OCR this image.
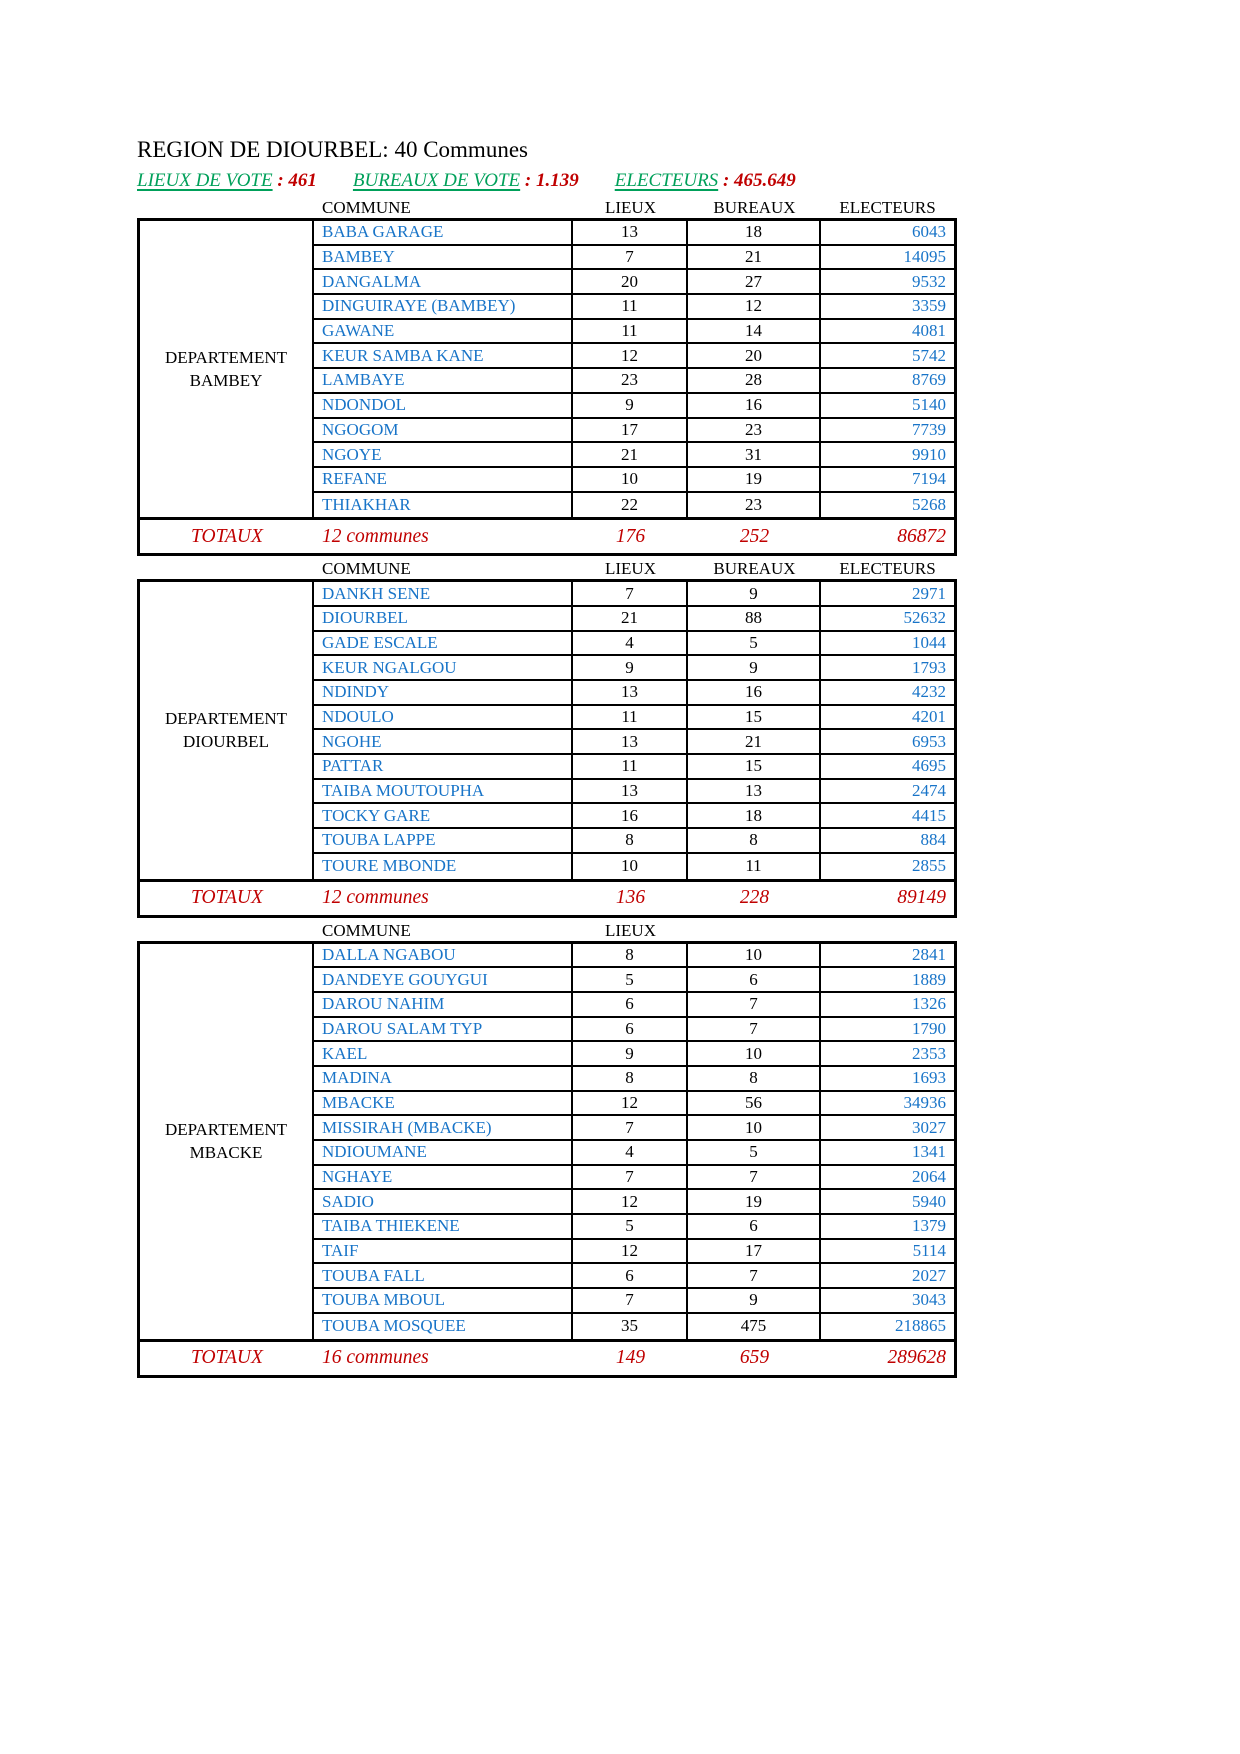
REGION DE DIOURBEL: 40 Communes
LIEUX DE VOTE : 461 BUREAUX DE VOTE : 1.139 ELECTEURS : 465.649
COMMUNE	LIEUX	BUREAUX	ELECTEURS
DEPARTEMENT
BAMBEY
BABA GARAGE	13	18	6043
BAMBEY	7	21	14095
DANGALMA	20	27	9532
DINGUIRAYE (BAMBEY)	11	12	3359
GAWANE	11	14	4081
KEUR SAMBA KANE	12	20	5742
LAMBAYE	23	28	8769
NDONDOL	9	16	5140
NGOGOM	17	23	7739
NGOYE	21	31	9910
REFANE	10	19	7194
THIAKHAR	22	23	5268
TOTAUX	12 communes	176	252	86872
COMMUNE	LIEUX	BUREAUX	ELECTEURS
DEPARTEMENT
DIOURBEL
DANKH SENE	7	9	2971
DIOURBEL	21	88	52632
GADE ESCALE	4	5	1044
KEUR NGALGOU	9	9	1793
NDINDY	13	16	4232
NDOULO	11	15	4201
NGOHE	13	21	6953
PATTAR	11	15	4695
TAIBA MOUTOUPHA	13	13	2474
TOCKY GARE	16	18	4415
TOUBA LAPPE	8	8	884
TOURE MBONDE	10	11	2855
TOTAUX	12 communes	136	228	89149
COMMUNE	LIEUX
DEPARTEMENT
MBACKE
DALLA NGABOU	8	10	2841
DANDEYE GOUYGUI	5	6	1889
DAROU NAHIM	6	7	1326
DAROU SALAM TYP	6	7	1790
KAEL	9	10	2353
MADINA	8	8	1693
MBACKE	12	56	34936
MISSIRAH (MBACKE)	7	10	3027
NDIOUMANE	4	5	1341
NGHAYE	7	7	2064
SADIO	12	19	5940
TAIBA THIEKENE	5	6	1379
TAIF	12	17	5114
TOUBA FALL	6	7	2027
TOUBA MBOUL	7	9	3043
TOUBA MOSQUEE	35	475	218865
TOTAUX	16 communes	149	659	289628
